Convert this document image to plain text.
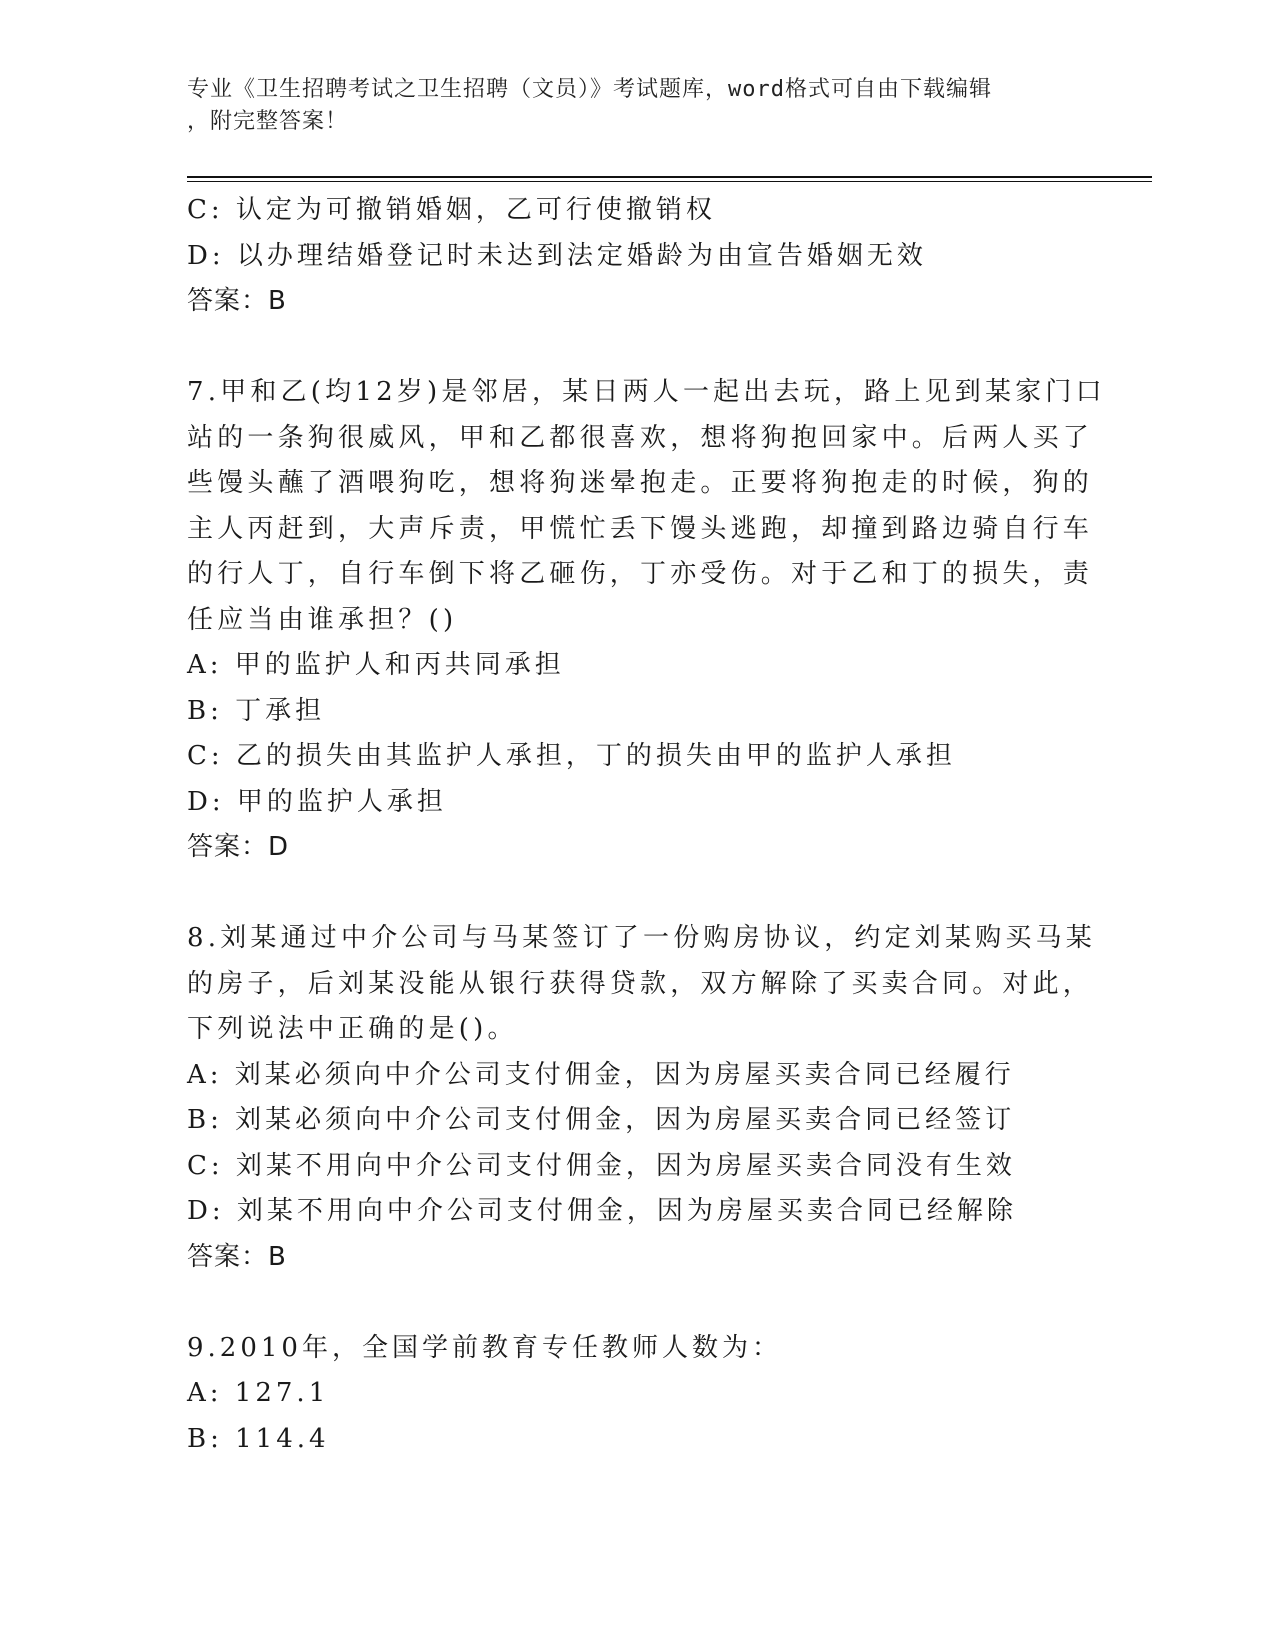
专业《卫生招聘考试之卫生招聘（文员）》考试题库，word格式可自由下载编辑
，附完整答案！
C: 认定为可撤销婚姻，乙可行使撤销权
D: 以办理结婚登记时未达到法定婚龄为由宣告婚姻无效
答案：B
7.甲和乙(均12岁)是邻居，某日两人一起出去玩，路上见到某家门口
站的一条狗很威风，甲和乙都很喜欢，想将狗抱回家中。后两人买了
些馒头蘸了酒喂狗吃，想将狗迷晕抱走。正要将狗抱走的时候，狗的
主人丙赶到，大声斥责，甲慌忙丢下馒头逃跑，却撞到路边骑自行车
的行人丁，自行车倒下将乙砸伤，丁亦受伤。对于乙和丁的损失，责
任应当由谁承担？()
A: 甲的监护人和丙共同承担
B: 丁承担
C: 乙的损失由其监护人承担，丁的损失由甲的监护人承担
D: 甲的监护人承担
答案：D
8.刘某通过中介公司与马某签订了一份购房协议，约定刘某购买马某
的房子，后刘某没能从银行获得贷款，双方解除了买卖合同。对此，
下列说法中正确的是()。
A: 刘某必须向中介公司支付佣金，因为房屋买卖合同已经履行
B: 刘某必须向中介公司支付佣金，因为房屋买卖合同已经签订
C: 刘某不用向中介公司支付佣金，因为房屋买卖合同没有生效
D: 刘某不用向中介公司支付佣金，因为房屋买卖合同已经解除
答案：B
9.2010年，全国学前教育专任教师人数为：
A: 127.1
B: 114.4
